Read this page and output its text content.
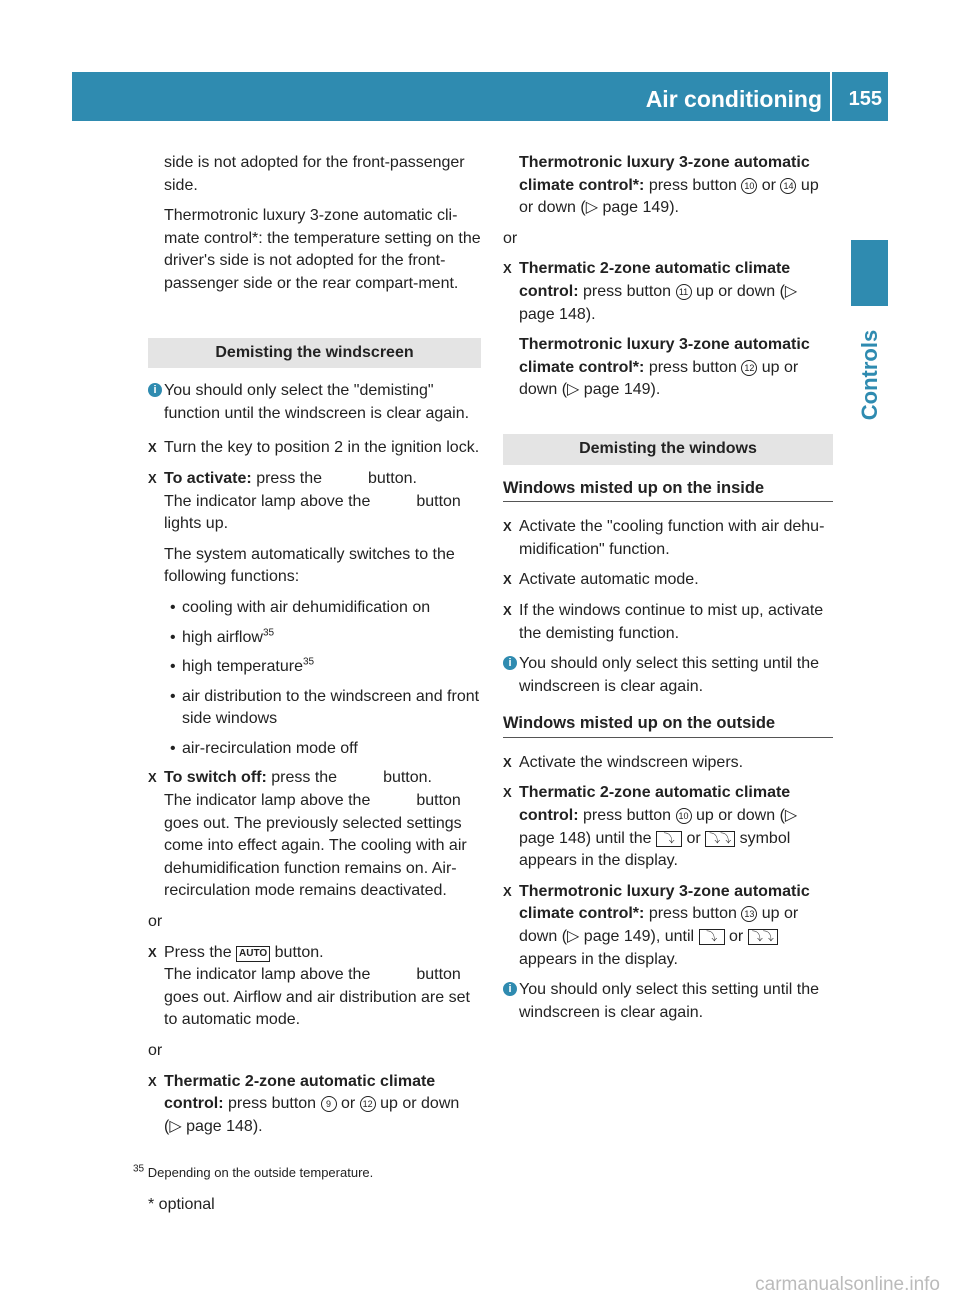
Air conditioning 155
Controls

side is not adopted for the front-passenger side.

Thermotronic luxury 3-zone automatic cli-mate control*: the temperature setting on the driver's side is not adopted for the front-passenger side or the rear compart-ment.

Demisting the windscreen
i You should only select the "demisting" function until the windscreen is clear again.
X Turn the key to position 2 in the ignition lock.
X To activate: press the	button.
The indicator lamp above the	button lights up.
The system automatically switches to the following functions:
• cooling with air dehumidification on
• high airflow$^{35}$
• high temperature$^{35}$
• air distribution to the windscreen and front side windows
• air-recirculation mode off
X To switch off: press the	button.
The indicator lamp above the	button goes out. The previously selected settings come into effect again. The cooling with air dehumidification function remains on. Air-recirculation mode remains deactivated.

or

X Press the AUTO button.
The indicator lamp above the	button goes out. Airflow and air distribution are set to automatic mode.

or

X Thermatic 2-zone automatic climate control: press button 9 or 12 up or down (▷ page 148).
Thermotronic luxury 3-zone automatic climate control*: press button 10 or 14 up or down (▷ page 149).

or

X Thermatic 2-zone automatic climate control: press button 11 up or down (▷ page 148).
Thermotronic luxury 3-zone automatic climate control*: press button 12 up or down (▷ page 149).
Demisting the windows
Windows misted up on the inside
X Activate the "cooling function with air dehu-midification" function.
X Activate automatic mode.
X If the windows continue to mist up, activate the demisting function.
i You should only select this setting until the windscreen is clear again.
Windows misted up on the outside
X Activate the windscreen wipers.
X Thermatic 2-zone automatic climate control: press button 10 up or down (▷ page 148) until the ⤵ or ⤵⤵ symbol appears in the display.
X Thermotronic luxury 3-zone automatic climate control*: press button 13 up or down (▷ page 149), until ⤵ or ⤵⤵ appears in the display.
i You should only select this setting until the windscreen is clear again.
$^{35}$ Depending on the outside temperature.
* optional
carmanualsonline.info
